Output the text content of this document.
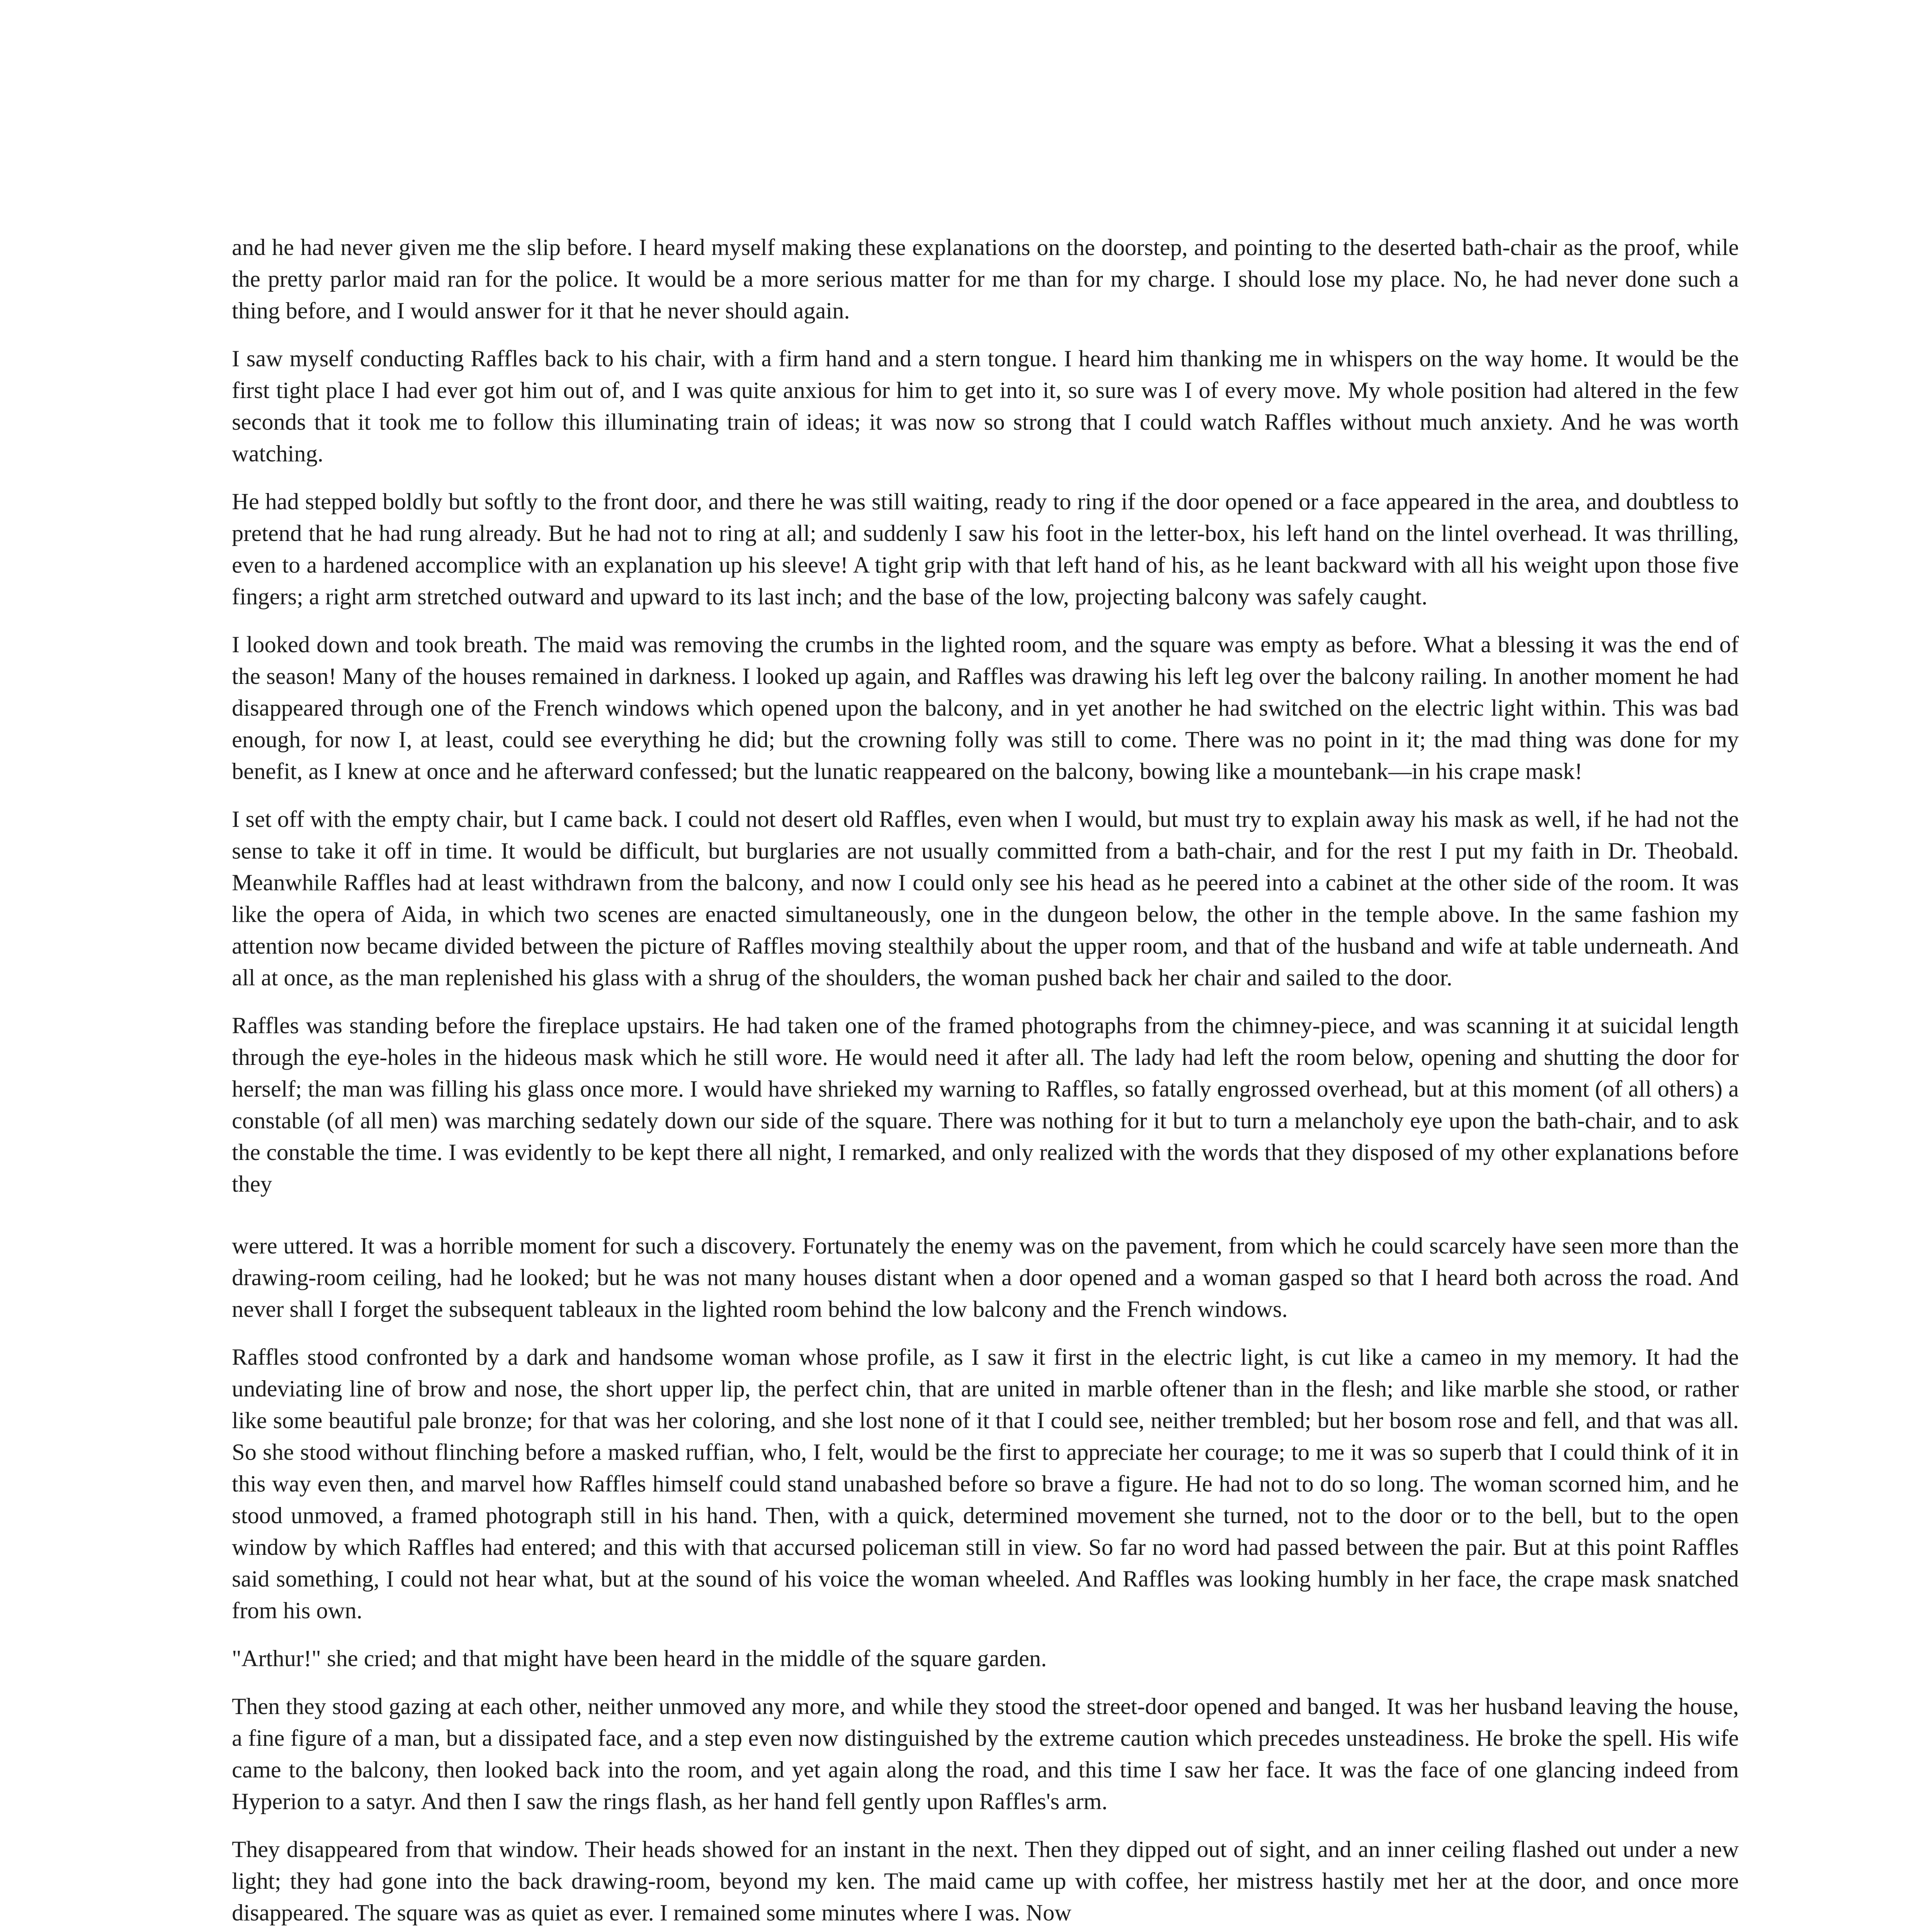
and he had never given me the slip before. I heard myself making these explanations on the doorstep, and pointing to the deserted bath-chair as the proof, while the pretty parlor maid ran for the police. It would be a more serious matter for me than for my charge. I should lose my place. No, he had never done such a thing before, and I would answer for it that he never should again.

I saw myself conducting Raffles back to his chair, with a firm hand and a stern tongue. I heard him thanking me in whispers on the way home. It would be the first tight place I had ever got him out of, and I was quite anxious for him to get into it, so sure was I of every move. My whole position had altered in the few seconds that it took me to follow this illuminating train of ideas; it was now so strong that I could watch Raffles without much anxiety. And he was worth watching.

He had stepped boldly but softly to the front door, and there he was still waiting, ready to ring if the door opened or a face appeared in the area, and doubtless to pretend that he had rung already. But he had not to ring at all; and suddenly I saw his foot in the letter-box, his left hand on the lintel overhead. It was thrilling, even to a hardened accomplice with an explanation up his sleeve! A tight grip with that left hand of his, as he leant backward with all his weight upon those five fingers; a right arm stretched outward and upward to its last inch; and the base of the low, projecting balcony was safely caught.

I looked down and took breath. The maid was removing the crumbs in the lighted room, and the square was empty as before. What a blessing it was the end of the season! Many of the houses remained in darkness. I looked up again, and Raffles was drawing his left leg over the balcony railing. In another moment he had disappeared through one of the French windows which opened upon the balcony, and in yet another he had switched on the electric light within. This was bad enough, for now I, at least, could see everything he did; but the crowning folly was still to come. There was no point in it; the mad thing was done for my benefit, as I knew at once and he afterward confessed; but the lunatic reappeared on the balcony, bowing like a mountebank—in his crape mask!

I set off with the empty chair, but I came back. I could not desert old Raffles, even when I would, but must try to explain away his mask as well, if he had not the sense to take it off in time. It would be difficult, but burglaries are not usually committed from a bath-chair, and for the rest I put my faith in Dr. Theobald. Meanwhile Raffles had at least withdrawn from the balcony, and now I could only see his head as he peered into a cabinet at the other side of the room. It was like the opera of Aida, in which two scenes are enacted simultaneously, one in the dungeon below, the other in the temple above. In the same fashion my attention now became divided between the picture of Raffles moving stealthily about the upper room, and that of the husband and wife at table underneath. And all at once, as the man replenished his glass with a shrug of the shoulders, the woman pushed back her chair and sailed to the door.

Raffles was standing before the fireplace upstairs. He had taken one of the framed photographs from the chimney-piece, and was scanning it at suicidal length through the eye-holes in the hideous mask which he still wore. He would need it after all. The lady had left the room below, opening and shutting the door for herself; the man was filling his glass once more. I would have shrieked my warning to Raffles, so fatally engrossed overhead, but at this moment (of all others) a constable (of all men) was marching sedately down our side of the square. There was nothing for it but to turn a melancholy eye upon the bath-chair, and to ask the constable the time. I was evidently to be kept there all night, I remarked, and only realized with the words that they disposed of my other explanations before they

were uttered. It was a horrible moment for such a discovery. Fortunately the enemy was on the pavement, from which he could scarcely have seen more than the drawing-room ceiling, had he looked; but he was not many houses distant when a door opened and a woman gasped so that I heard both across the road. And never shall I forget the subsequent tableaux in the lighted room behind the low balcony and the French windows.

Raffles stood confronted by a dark and handsome woman whose profile, as I saw it first in the electric light, is cut like a cameo in my memory. It had the undeviating line of brow and nose, the short upper lip, the perfect chin, that are united in marble oftener than in the flesh; and like marble she stood, or rather like some beautiful pale bronze; for that was her coloring, and she lost none of it that I could see, neither trembled; but her bosom rose and fell, and that was all. So she stood without flinching before a masked ruffian, who, I felt, would be the first to appreciate her courage; to me it was so superb that I could think of it in this way even then, and marvel how Raffles himself could stand unabashed before so brave a figure. He had not to do so long. The woman scorned him, and he stood unmoved, a framed photograph still in his hand. Then, with a quick, determined movement she turned, not to the door or to the bell, but to the open window by which Raffles had entered; and this with that accursed policeman still in view. So far no word had passed between the pair. But at this point Raffles said something, I could not hear what, but at the sound of his voice the woman wheeled. And Raffles was looking humbly in her face, the crape mask snatched from his own.

"Arthur!" she cried; and that might have been heard in the middle of the square garden.

Then they stood gazing at each other, neither unmoved any more, and while they stood the street-door opened and banged. It was her husband leaving the house, a fine figure of a man, but a dissipated face, and a step even now distinguished by the extreme caution which precedes unsteadiness. He broke the spell. His wife came to the balcony, then looked back into the room, and yet again along the road, and this time I saw her face. It was the face of one glancing indeed from Hyperion to a satyr. And then I saw the rings flash, as her hand fell gently upon Raffles's arm.

They disappeared from that window. Their heads showed for an instant in the next. Then they dipped out of sight, and an inner ceiling flashed out under a new light; they had gone into the back drawing-room, beyond my ken. The maid came up with coffee, her mistress hastily met her at the door, and once more disappeared. The square was as quiet as ever. I remained some minutes where I was. Now
